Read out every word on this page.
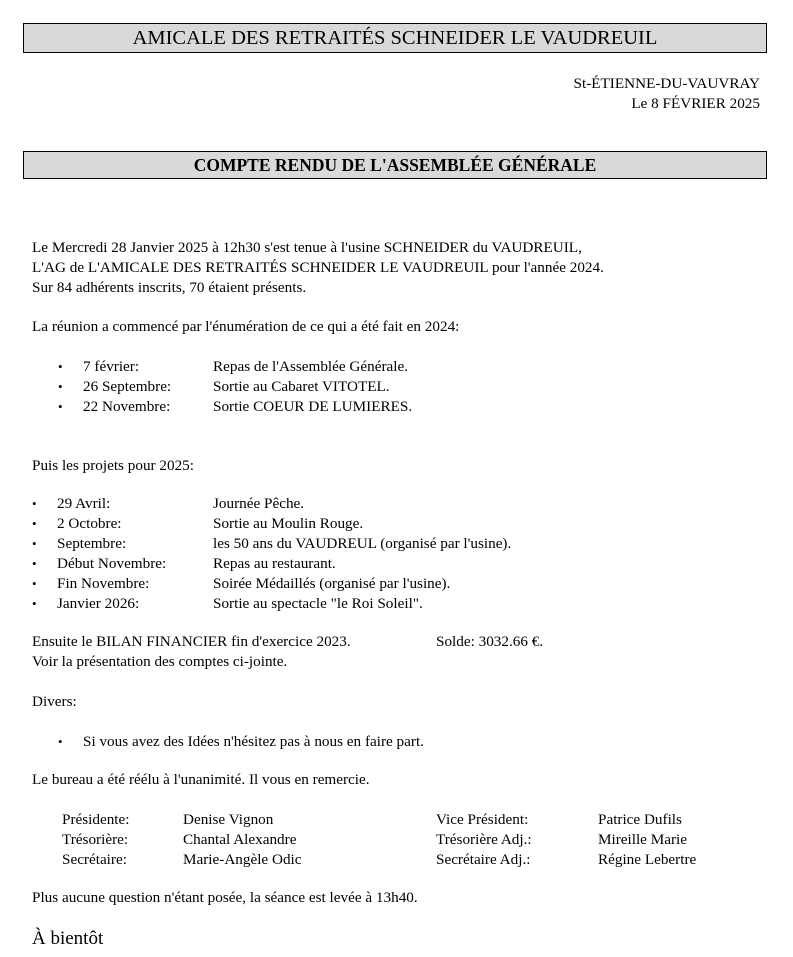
AMICALE DES RETRAITÉS SCHNEIDER LE VAUDREUIL
St-ÉTIENNE-DU-VAUVRAY
Le 8 FÉVRIER 2025
COMPTE RENDU DE L'ASSEMBLÉE GÉNÉRALE
Le Mercredi 28 Janvier 2025 à 12h30 s'est tenue à l'usine SCHNEIDER du VAUDREUIL,
L'AG de L'AMICALE DES RETRAITÉS SCHNEIDER LE VAUDREUIL pour l'année 2024.
Sur 84 adhérents inscrits, 70 étaient présents.
La réunion a commencé par l'énumération de ce qui a été fait en 2024:
• 7 février:	Repas de l'Assemblée Générale.
• 26 Septembre:	Sortie au Cabaret VITOTEL.
• 22 Novembre:	Sortie COEUR DE LUMIERES.
Puis les projets pour 2025:
• 29 Avril:	Journée Pêche.
• 2 Octobre:	Sortie au Moulin Rouge.
• Septembre:	les 50 ans du VAUDREUL (organisé par l'usine).
• Début Novembre:	Repas au restaurant.
• Fin Novembre:	Soirée Médaillés (organisé par l'usine).
• Janvier 2026:	Sortie au spectacle "le Roi Soleil".
Ensuite le BILAN FINANCIER fin d'exercice 2023.	Solde: 3032.66 €.
Voir la présentation des comptes ci-jointe.
Divers:
• Si vous avez des Idées n'hésitez pas à nous en faire part.
Le bureau a été réélu à l'unanimité. Il vous en remercie.
Présidente:	Denise Vignon	Vice Président:	Patrice Dufils
Trésorière:	Chantal Alexandre	Trésorière Adj.:	Mireille Marie
Secrétaire:	Marie-Angèle Odic	Secrétaire Adj.:	Régine Lebertre
Plus aucune question n'étant posée, la séance est levée à 13h40.
À bientôt
